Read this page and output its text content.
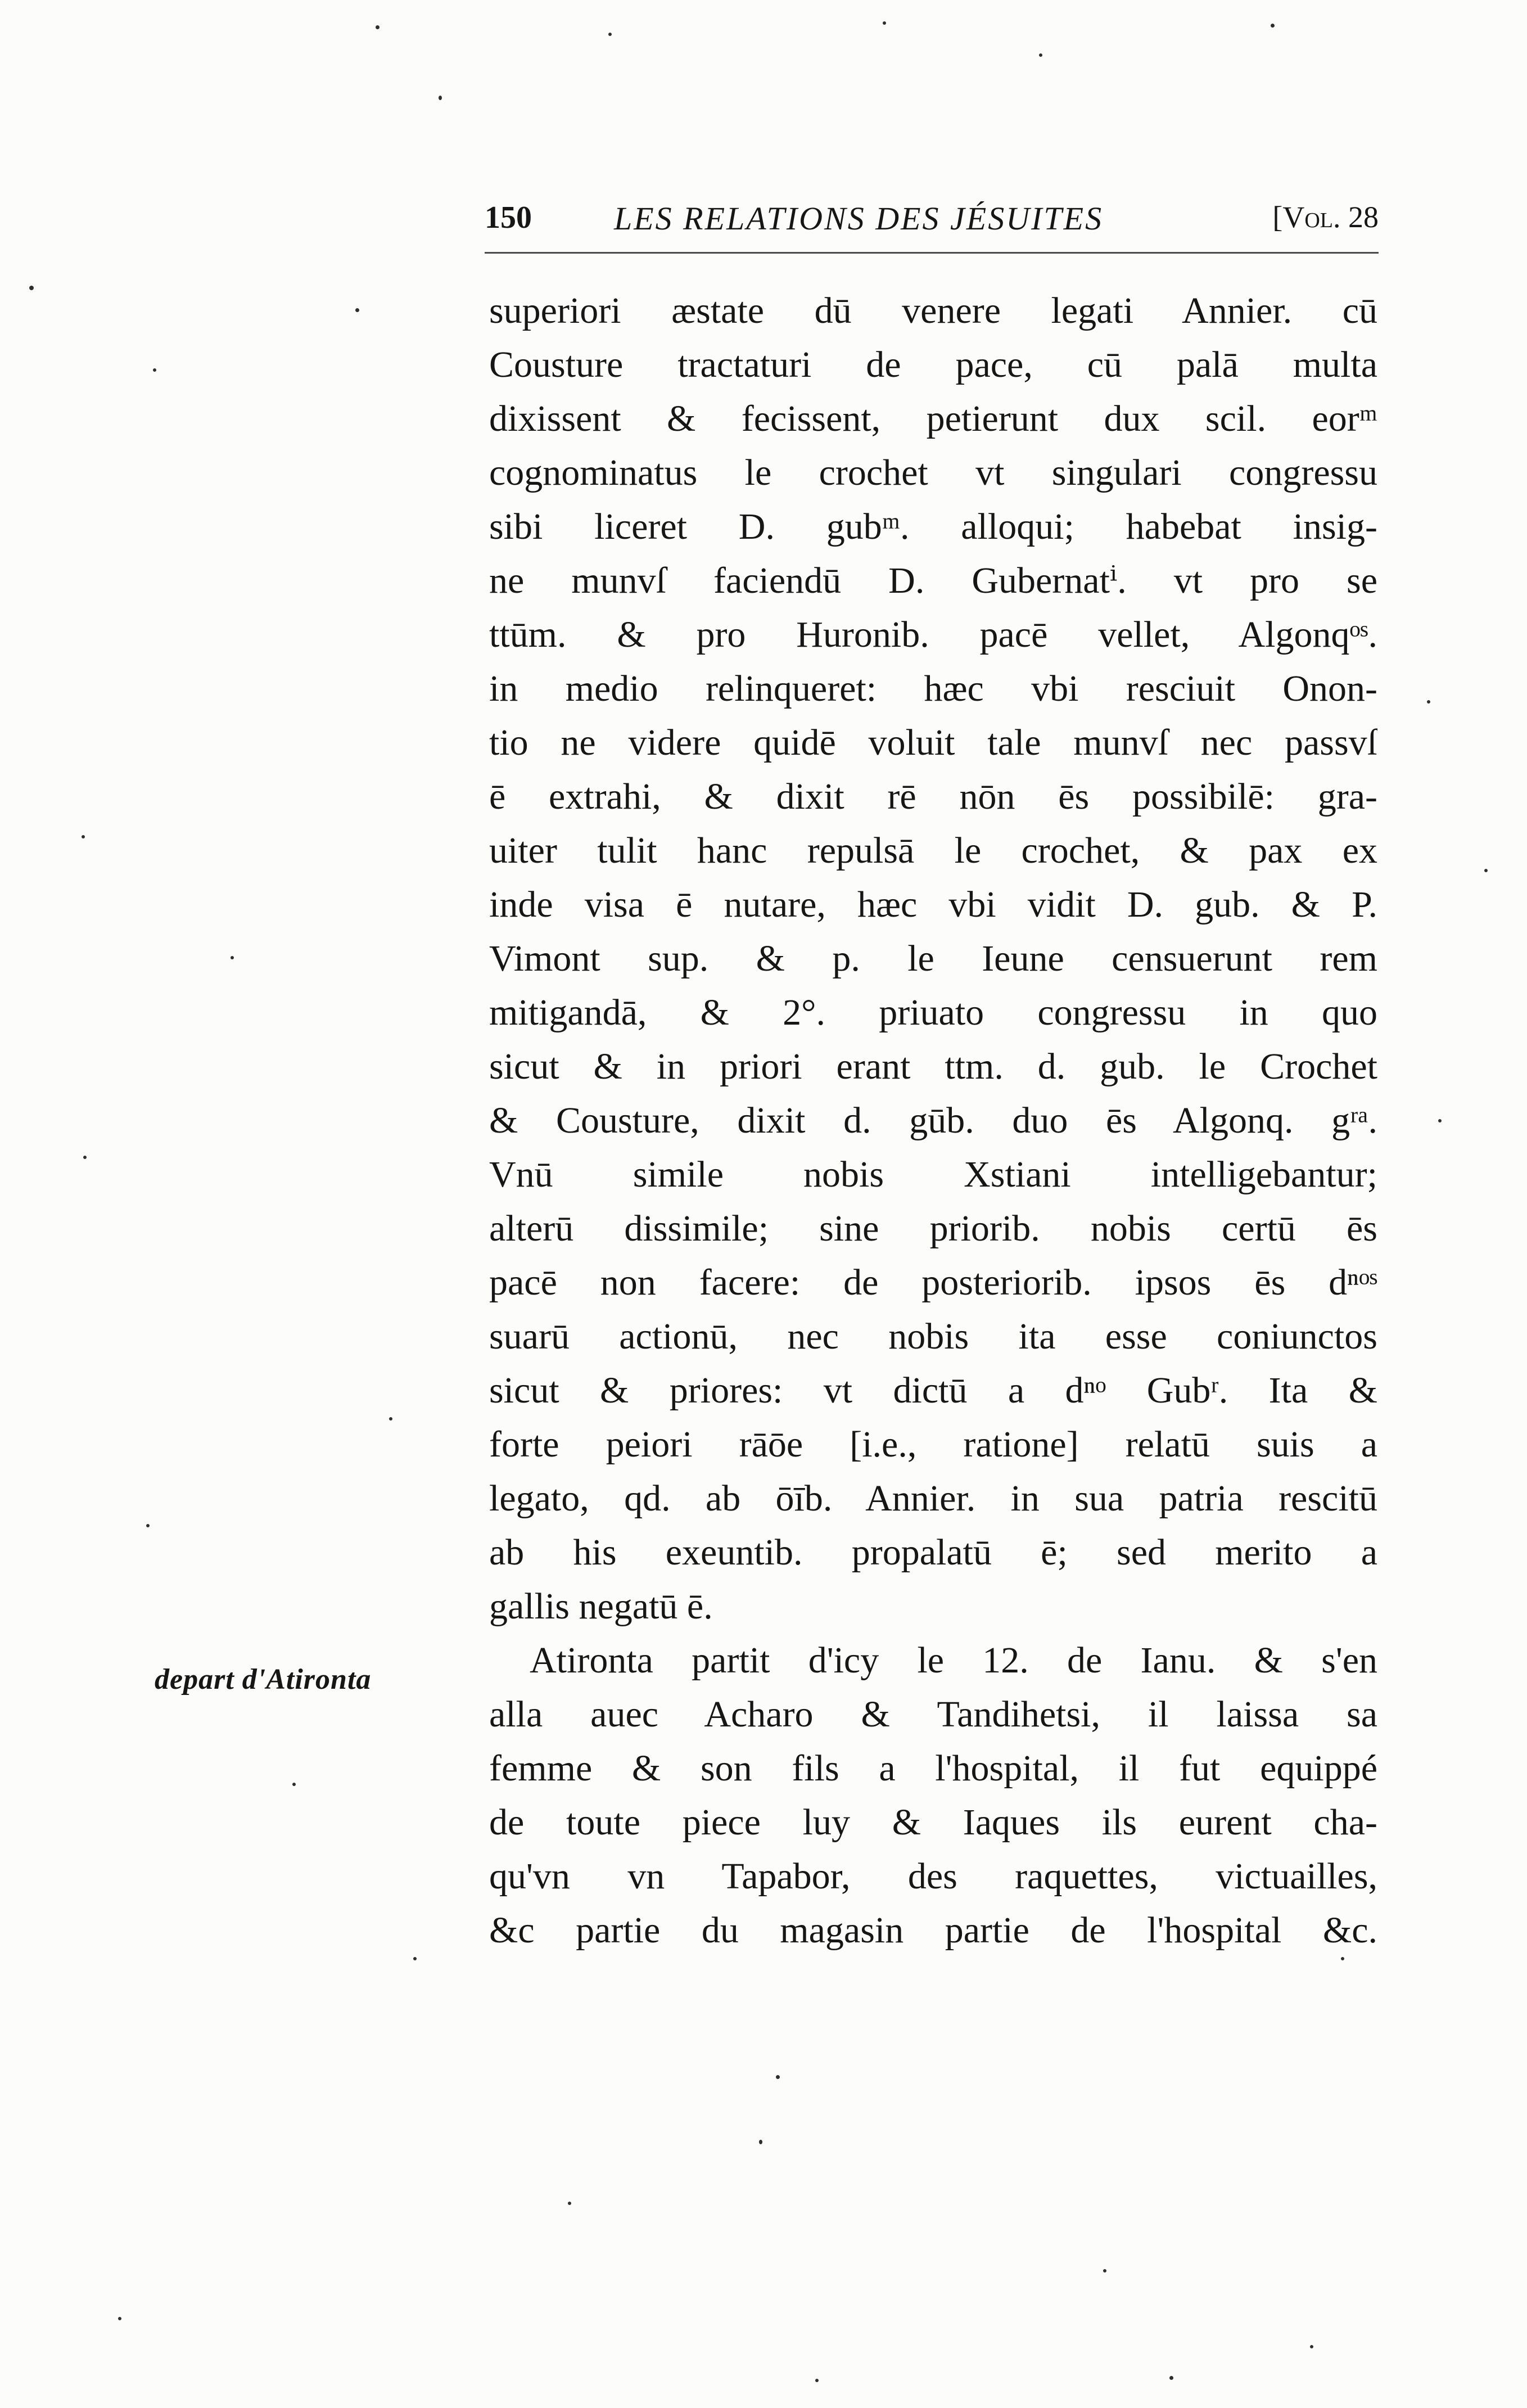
150	LES RELATIONS DES JÉSUITES	[Vol. 28
depart d'Atironta
superiori æstate dū venere legati Annier. cū
Cousture tractaturi de pace, cū palā multa
dixissent & fecissent, petierunt dux scil. eorᵐ
cognominatus le crochet vt singulari congressu
sibi liceret D. gubᵐ. alloqui; habebat insig-
ne munvſ faciendū D. Gubernatⁱ. vt pro se
ttūm. & pro Huronib. pacē vellet, Algonqᵒˢ.
in medio relinqueret: hæc vbi resciuit Onon-
tio ne videre quidē voluit tale munvſ nec passvſ
ē extrahi, & dixit rē nōn ēs possibilē: gra-
uiter tulit hanc repulsā le crochet, & pax ex
inde visa ē nutare, hæc vbi vidit D. gub. & P.
Vimont sup. & p. le Ieune censuerunt rem
mitigandā, & 2°. priuato congressu in quo
sicut & in priori erant ttm. d. gub. le Crochet
& Cousture, dixit d. gūb. duo ēs Algonq. gʳᵃ.
Vnū simile nobis Xstiani intelligebantur;
alterū dissimile; sine priorib. nobis certū ēs
pacē non facere: de posteriorib. ipsos ēs dⁿᵒˢ
suarū actionū, nec nobis ita esse coniunctos
sicut & priores: vt dictū a dⁿᵒ Gubʳ. Ita &
forte peiori rāōe [i.e., ratione] relatū suis a
legato, qd. ab ōīb. Annier. in sua patria rescitū
ab his exeuntib. propalatū ē; sed merito a
gallis negatū ē.
Atironta partit d'icy le 12. de Ianu. & s'en
alla auec Acharo & Tandihetsi, il laissa sa
femme & son fils a l'hospital, il fut equippé
de toute piece luy & Iaques ils eurent cha-
qu'vn vn Tapabor, des raquettes, victuailles,
&c partie du magasin partie de l'hospital &c.
